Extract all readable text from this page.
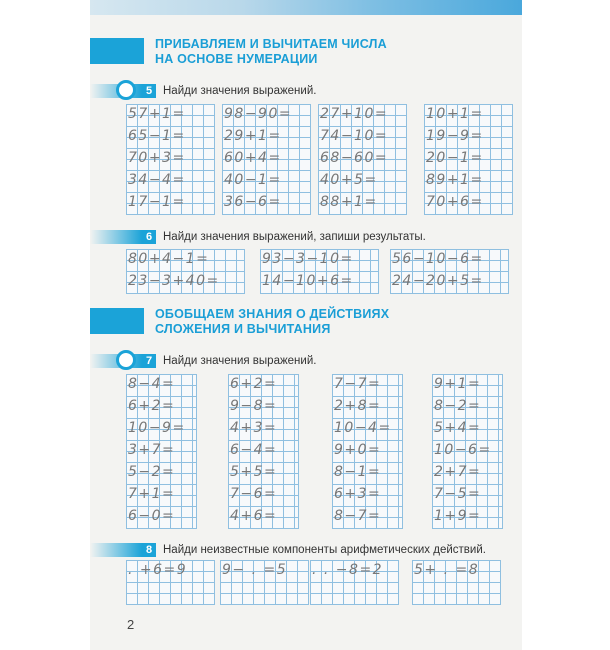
ПРИБАВЛЯЕМ И ВЫЧИТАЕМ ЧИСЛА
НА ОСНОВЕ НУМЕРАЦИИ
5 Найди значения выражений.
6 Найди значения выражений, запиши результаты.
ОБОБЩАЕМ ЗНАНИЯ О ДЕЙСТВИЯХ
СЛОЖЕНИЯ И ВЫЧИТАНИЯ
7 Найди значения выражений.
8 Найди неизвестные компоненты арифметических действий.
57+1=
65−1=
70+3=
34−4=
17−1=
98−90=
29+1=
60+4=
40−1=
36−6=
27+10=
74−10=
68−60=
40+5=
88+1=
10+1=
19−9=
20−1=
89+1=
70+6=
80+4−1=
23−3+40=
93−3−10=
14−10+6=
56−10−6=
24−20+5=
8−4=
6+2=
10−9=
3+7=
5−2=
7+1=
6−0=
6+2=
9−8=
4+3=
6−4=
5+5=
7−6=
4+6=
7−7=
2+8=
10−4=
9+0=
8−1=
6+3=
8−7=
9+1=
8−2=
5+4=
10−6=
2+7=
7−5=
1+9=
. +6=9 9− . =5 . . −8=2 5+ . =8
2
